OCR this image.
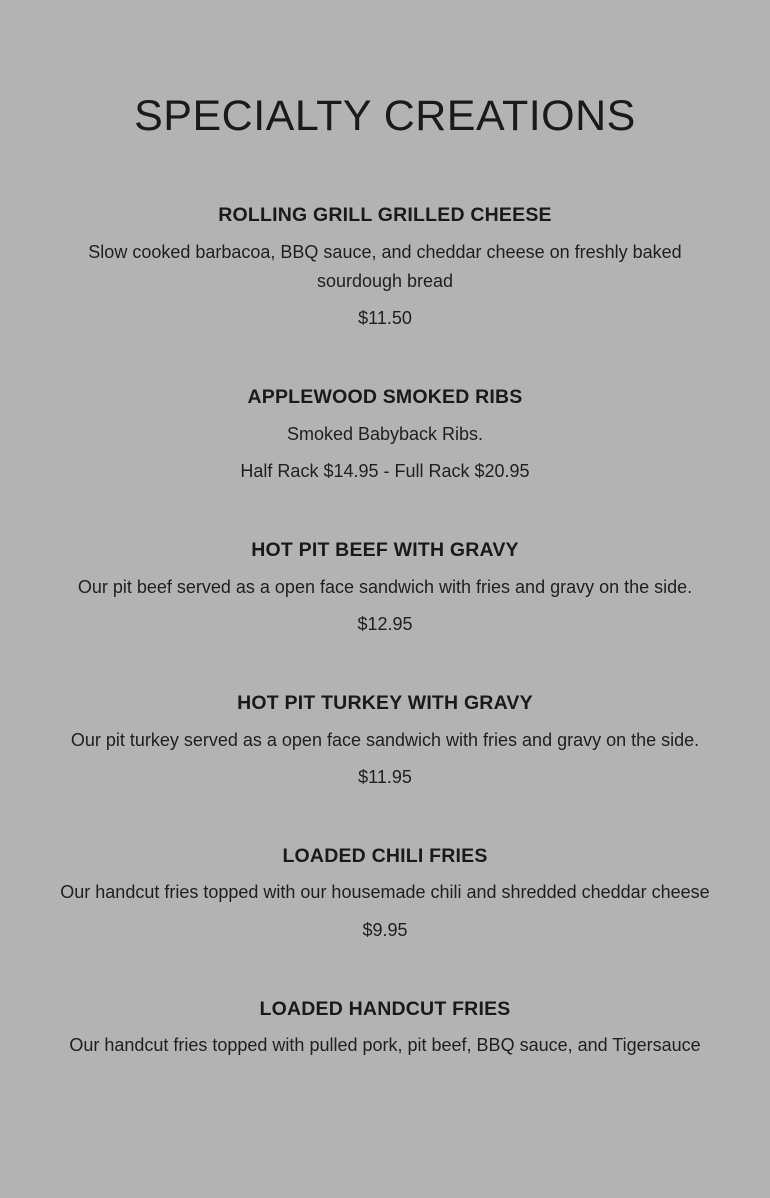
SPECIALTY CREATIONS
ROLLING GRILL GRILLED CHEESE
Slow cooked barbacoa, BBQ sauce, and cheddar cheese on freshly baked sourdough bread
$11.50
APPLEWOOD SMOKED RIBS
Smoked Babyback Ribs.
Half Rack $14.95 - Full Rack $20.95
HOT PIT BEEF WITH GRAVY
Our pit beef served as a open face sandwich with fries and gravy on the side.
$12.95
HOT PIT TURKEY WITH GRAVY
Our pit turkey served as a open face sandwich with fries and gravy on the side.
$11.95
LOADED CHILI FRIES
Our handcut fries topped with our housemade chili and shredded cheddar cheese
$9.95
LOADED HANDCUT FRIES
Our handcut fries topped with pulled pork, pit beef, BBQ sauce, and Tigersauce
